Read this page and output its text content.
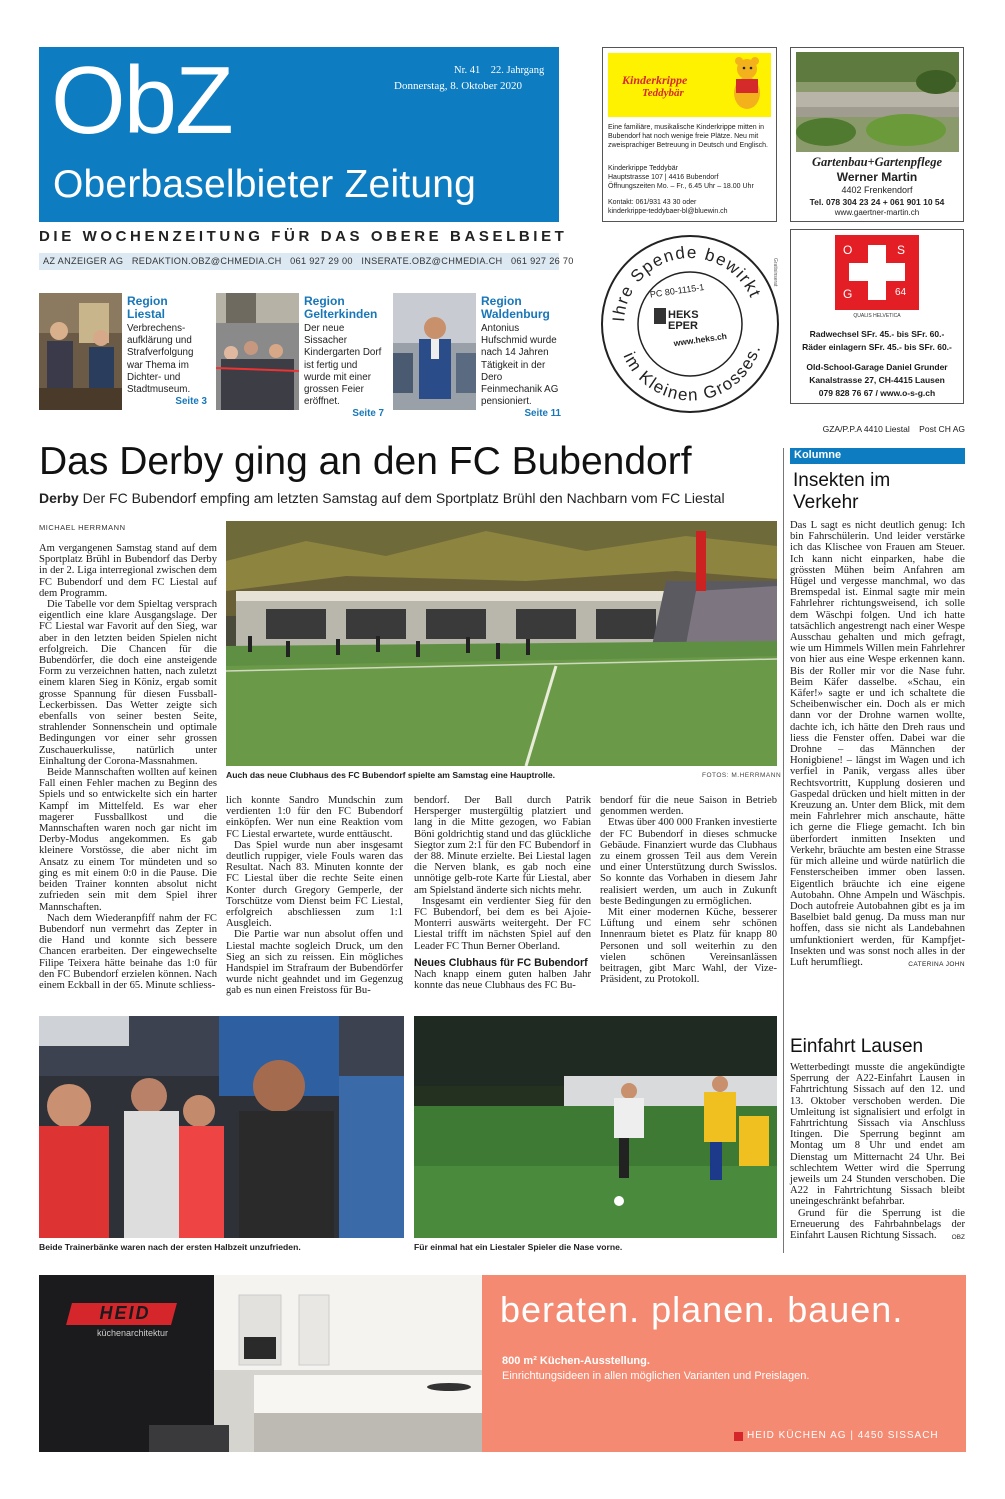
ObZ
Oberbaselbieter Zeitung
Nr. 41    22. Jahrgang
Donnerstag, 8. Oktober 2020
DIE WOCHENZEITUNG FÜR DAS OBERE BASELBIET
AZ ANZEIGER AG   REDAKTION.OBZ@CHMEDIA.CH   061 927 29 00   INSERATE.OBZ@CHMEDIA.CH   061 927 26 70
Region Liestal
Verbrechensaufklärung und Strafverfolgung war Thema im Dichter- und Stadtmuseum.
Seite 3
Region Gelterkinden
Der neue Sissacher Kindergarten Dorf ist fertig und wurde mit einer grossen Feier eröffnet.
Seite 7
Region Waldenburg
Antonius Hufschmid wurde nach 14 Jahren Tätigkeit in der Dero Feinmechanik AG pensioniert.
Seite 11
Kinderkrippe
Teddybär
Eine familiäre, musikalische Kinderkrippe mitten in Bubendorf hat noch wenige freie Plätze. Neu mit zweisprachiger Betreuung in Deutsch und Englisch.
Kinderkrippe Teddybär
Hauptstrasse 107 | 4416 Bubendorf
Öffnungszeiten Mo. – Fr., 6.45 Uhr – 18.00 Uhr
Kontakt: 061/931 43 30 oder
kinderkrippe-teddybaer-bl@bluewin.ch
Gartenbau+Gartenpflege
Werner Martin
4402 Frenkendorf
Tel. 078 304 23 24 + 061 901 10 54
www.gaertner-martin.ch
Ihre Spende bewirkt
im Kleinen Grosses.
PC 80-1115-1
HEKS
EPER
www.heks.ch
Gratisinserat
O	S
G	64
QUALIS HELVETICA
Radwechsel SFr. 45.- bis SFr. 60.-
Räder einlagern SFr. 45.- bis SFr. 60.-
Old-School-Garage Daniel Grunder
Kanalstrasse 27, CH-4415 Lausen
079 828 76 67 / www.o-s-g.ch
GZA/P.P.A 4410 Liestal    Post CH AG
Das Derby ging an den FC Bubendorf
Derby Der FC Bubendorf empfing am letzten Samstag auf dem Sportplatz Brühl den Nachbarn vom FC Liestal
MICHAEL HERRMANN
Auch das neue Clubhaus des FC Bubendorf spielte am Samstag eine Hauptrolle.	FOTOS: M.HERRMANN

Am vergangenen Samstag stand auf dem Sportplatz Brühl in Bubendorf das Derby in der 2. Liga interregional zwischen dem FC Bubendorf und dem FC Liestal auf dem Programm.

Die Tabelle vor dem Spieltag versprach eigentlich eine klare Ausgangslage. Der FC Liestal war Favorit auf den Sieg, war aber in den letzten beiden Spielen nicht erfolgreich. Die Chancen für die Bubendörfer, die doch eine ansteigende Form zu verzeichnen hatten, nach zuletzt einem klaren Sieg in Köniz, ergab somit grosse Spannung für diesen Fussball-Leckerbissen. Das Wetter zeigte sich ebenfalls von seiner besten Seite, strahlender Sonnenschein und optimale Bedingungen vor einer sehr grossen Zuschauerkulisse, natürlich unter Einhaltung der Corona-Massnahmen.

Beide Mannschaften wollten auf keinen Fall einen Fehler machen zu Beginn des Spiels und so entwickelte sich ein harter Kampf im Mittelfeld. Es war eher magerer Fussballkost und die Mannschaften waren noch gar nicht im Derby-Modus angekommen. Es gab kleinere Vorstösse, die aber nicht im Ansatz zu einem Tor mündeten und so ging es mit einem 0:0 in die Pause. Die beiden Trainer konnten absolut nicht zufrieden sein mit dem Spiel ihrer Mannschaften.

Nach dem Wiederanpfiff nahm der FC Bubendorf nun vermehrt das Zepter in die Hand und konnte sich bessere Chancen erarbeiten. Der eingewechselte Filipe Teixera hätte beinahe das 1:0 für den FC Bubendorf erzielen können. Nach einem Eckball in der 65. Minute schliess-

lich konnte Sandro Mundschin zum verdienten 1:0 für den FC Bubendorf einköpfen. Wer nun eine Reaktion vom FC Liestal erwartete, wurde enttäuscht.

Das Spiel wurde nun aber insgesamt deutlich ruppiger, viele Fouls waren das Resultat. Nach 83. Minuten konnte der FC Liestal über die rechte Seite einen Konter durch Gregory Gemperle, der Torschütze vom Dienst beim FC Liestal, erfolgreich abschliessen zum 1:1 Ausgleich.

Die Partie war nun absolut offen und Liestal machte sogleich Druck, um den Sieg an sich zu reissen. Ein mögliches Handspiel im Strafraum der Bubendörfer wurde nicht geahndet und im Gegenzug gab es nun einen Freistoss für Bu-

bendorf. Der Ball durch Patrik Hersperger mustergültig platziert und lang in die Mitte gezogen, wo Fabian Böni goldrichtig stand und das glückliche Siegtor zum 2:1 für den FC Bubendorf in der 88. Minute erzielte. Bei Liestal lagen die Nerven blank, es gab noch eine unnötige gelb-rote Karte für Liestal, aber am Spielstand änderte sich nichts mehr.

Insgesamt ein verdienter Sieg für den FC Bubendorf, bei dem es bei Ajoie-Monterri auswärts weitergeht. Der FC Liestal trifft im nächsten Spiel auf den Leader FC Thun Berner Oberland.

Neues Clubhaus für FC Bubendorf

Nach knapp einem guten halben Jahr konnte das neue Clubhaus des FC Bu-

bendorf für die neue Saison in Betrieb genommen werden.

Etwas über 400 000 Franken investierte der FC Bubendorf in dieses schmucke Gebäude. Finanziert wurde das Clubhaus zu einem grossen Teil aus dem Verein und einer Unterstützung durch Swisslos. So konnte das Vorhaben in diesem Jahr realisiert werden, um auch in Zukunft beste Bedingungen zu ermöglichen.

Mit einer modernen Küche, besserer Lüftung und einem sehr schönen Innenraum bietet es Platz für knapp 80 Personen und soll weiterhin zu den vielen schönen Vereinsanlässen beitragen, gibt Marc Wahl, der Vize-Präsident, zu Protokoll.

Beide Trainerbänke waren nach der ersten Halbzeit unzufrieden.	Für einmal hat ein Liestaler Spieler die Nase vorne.
Kolumne
Insekten im Verkehr

Das L sagt es nicht deutlich genug: Ich bin Fahrschülerin. Und leider verstärke ich das Klischee von Frauen am Steuer. Ich kann nicht einparken, habe die grössten Mühen beim Anfahren am Hügel und vergesse manchmal, wo das Bremspedal ist. Einmal sagte mir mein Fahrlehrer richtungsweisend, ich solle dem Wäschpi folgen. Und ich hatte tatsächlich angestrengt nach einer Wespe Ausschau gehalten und mich gefragt, wie um Himmels Willen mein Fahrlehrer von hier aus eine Wespe erkennen kann. Bis der Roller mir vor die Nase fuhr. Beim Käfer dasselbe. «Schau, ein Käfer!» sagte er und ich schaltete die Scheibenwischer ein. Doch als er mich dann vor der Drohne warnen wollte, dachte ich, ich hätte den Dreh raus und liess die Fenster offen. Dabei war die Drohne – das Männchen der Honigbiene! – längst im Wagen und ich verfiel in Panik, vergass alles über Rechtsvortritt, Kupplung dosieren und Gaspedal drücken und hielt mitten in der Kreuzung an. Unter dem Blick, mit dem mein Fahrlehrer mich anschaute, hätte ich gerne die Fliege gemacht. Ich bin überfordert inmitten Insekten und Verkehr, bräuchte am besten eine Strasse für mich alleine und würde natürlich die Fensterscheiben immer oben lassen. Eigentlich bräuchte ich eine eigene Autobahn. Ohne Ampeln und Wäschpis. Doch autofreie Autobahnen gibt es ja im Baselbiet bald genug. Da muss man nur hoffen, dass sie nicht als Landebahnen umfunktioniert werden, für Kampfjet-Insekten und was sonst noch alles in der Luft herumfliegt.	CATERINA JOHN

Einfahrt Lausen

Wetterbedingt musste die angekündigte Sperrung der A22-Einfahrt Lausen in Fahrtrichtung Sissach auf den 12. und 13. Oktober verschoben werden. Die Umleitung ist signalisiert und erfolgt in Fahrtrichtung Sissach via Anschluss Itingen. Die Sperrung beginnt am Montag um 8 Uhr und endet am Dienstag um Mitternacht 24 Uhr. Bei schlechtem Wetter wird die Sperrung jeweils um 24 Stunden verschoben. Die A22 in Fahrtrichtung Sissach bleibt uneingeschränkt befahrbar.

Grund für die Sperrung ist die Erneuerung des Fahrbahnbelags der Einfahrt Lausen Richtung Sissach.	OBZ

HEID
küchenarchitektur
beraten. planen. bauen.
800 m² Küchen-Ausstellung.
Einrichtungsideen in allen möglichen Varianten und Preislagen.
HEID KÜCHEN AG | 4450 SISSACH
